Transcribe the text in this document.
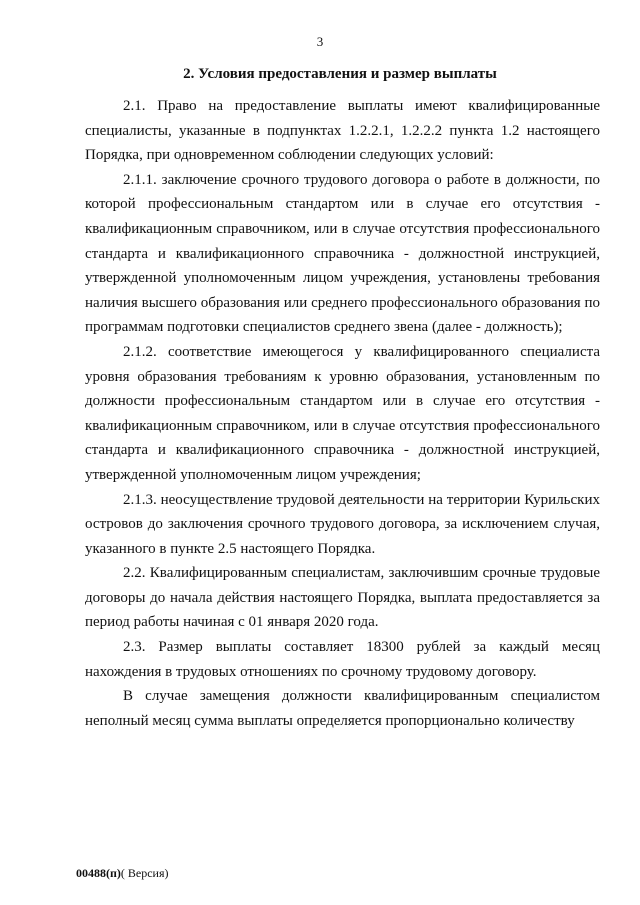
3
2. Условия предоставления и размер выплаты

2.1. Право на предоставление выплаты имеют квалифицированные специалисты, указанные в подпунктах 1.2.2.1, 1.2.2.2 пункта 1.2 настоящего Порядка, при одновременном соблюдении следующих условий:

2.1.1. заключение срочного трудового договора о работе в должности, по которой профессиональным стандартом или в случае его отсутствия - квалификационным справочником, или в случае отсутствия профессионального стандарта и квалификационного справочника - должностной инструкцией, утвержденной уполномоченным лицом учреждения, установлены требования наличия высшего образования или среднего профессионального образования по программам подготовки специалистов среднего звена (далее - должность);

2.1.2. соответствие имеющегося у квалифицированного специалиста уровня образования требованиям к уровню образования, установленным по должности профессиональным стандартом или в случае его отсутствия - квалификационным справочником, или в случае отсутствия профессионального стандарта и квалификационного справочника - должностной инструкцией, утвержденной уполномоченным лицом учреждения;

2.1.3. неосуществление трудовой деятельности на территории Курильских островов до заключения срочного трудового договора, за исключением случая, указанного в пункте 2.5 настоящего Порядка.

2.2. Квалифицированным специалистам, заключившим срочные трудовые договоры до начала действия настоящего Порядка, выплата предоставляется за период работы начиная с 01 января 2020 года.

2.3. Размер выплаты составляет 18300 рублей за каждый месяц нахождения в трудовых отношениях по срочному трудовому договору.

В случае замещения должности квалифицированным специалистом неполный месяц сумма выплаты определяется пропорционально количеству

00488(п)( Версия)
